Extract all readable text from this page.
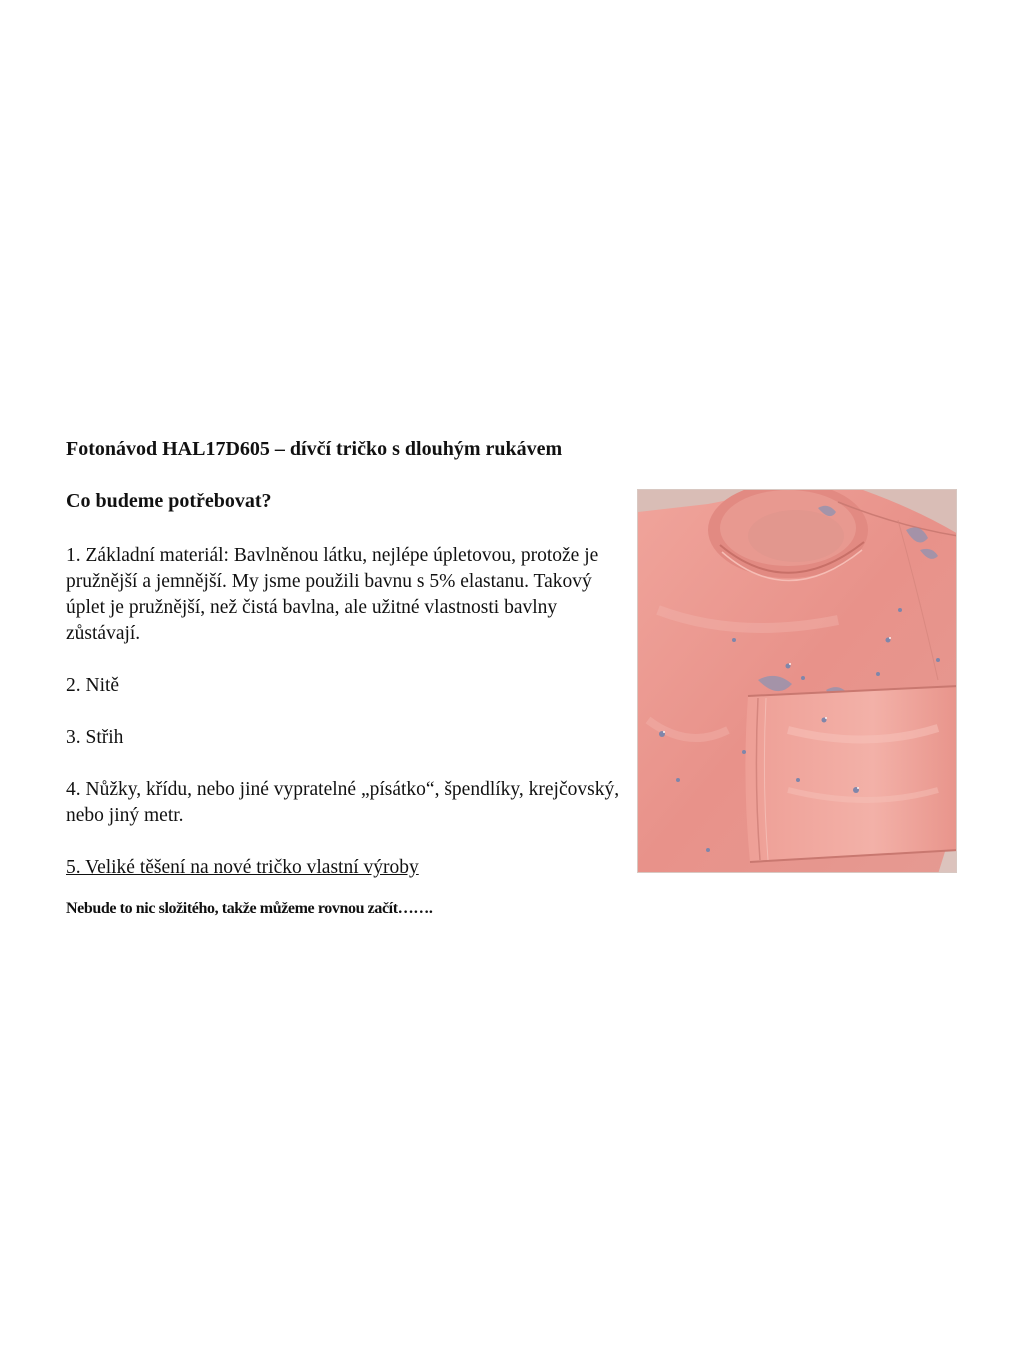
Fotonávod HAL17D605 – dívčí tričko s dlouhým rukávem
Co budeme potřebovat?

1. Základní materiál: Bavlněnou látku, nejlépe úpletovou, protože je pružnější a jemnější. My jsme použili bavnu s 5% elastanu. Takový úplet je pružnější, než čistá bavlna, ale užitné vlastnosti bavlny zůstávají.

2. Nitě

3. Střih

4. Nůžky, křídu, nebo jiné vypratelné „písátko“, špendlíky, krejčovský, nebo jiný metr.

5. Veliké těšení na nové tričko vlastní výroby

Nebude to nic složitého, takže můžeme rovnou začít…….
